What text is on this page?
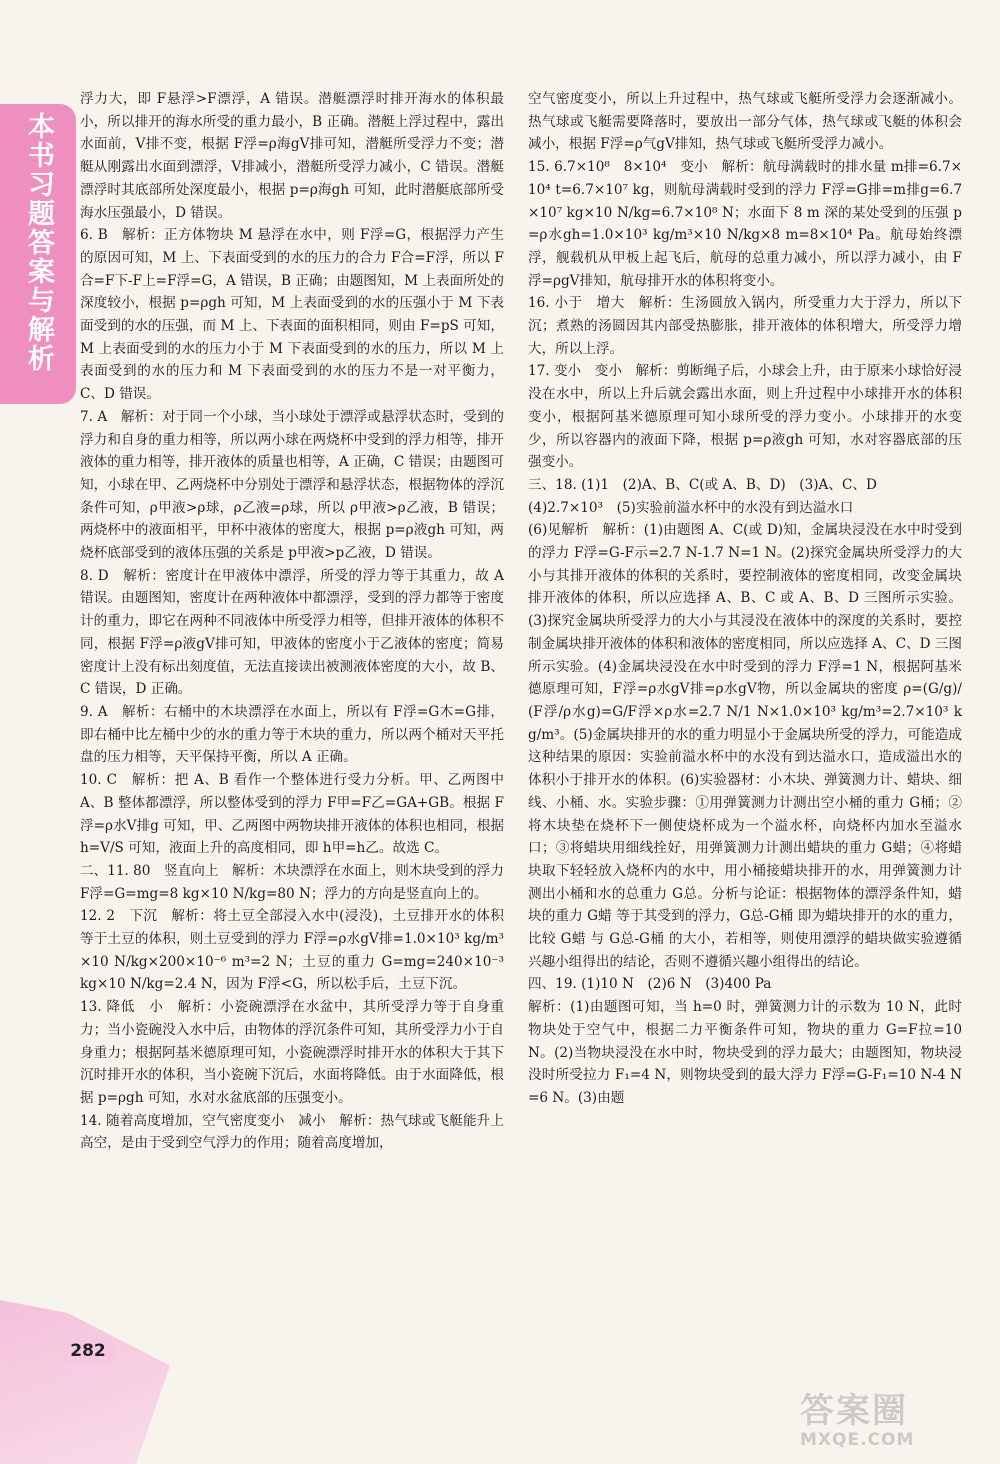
本书习题答案与解析

浮力大，即 F悬浮>F漂浮，A 错误。潜艇漂浮时排开海水的体积最小，所以排开的海水所受的重力最小，B 正确。潜艇上浮过程中，露出水面前，V排不变，根据 F浮=ρ海gV排可知，潜艇所受浮力不变；潜艇从刚露出水面到漂浮，V排减小，潜艇所受浮力减小，C 错误。潜艇漂浮时其底部所处深度最小，根据 p=ρ海gh 可知，此时潜艇底部所受海水压强最小，D 错误。

6. B　解析：正方体物块 M 悬浮在水中，则 F浮=G，根据浮力产生的原因可知，M 上、下表面受到的水的压力的合力 F合=F浮，所以 F合=F下-F上=F浮=G，A 错误，B 正确；由题图知，M 上表面所处的深度较小，根据 p=ρgh 可知，M 上表面受到的水的压强小于 M 下表面受到的水的压强，而 M 上、下表面的面积相同，则由 F=pS 可知，M 上表面受到的水的压力小于 M 下表面受到的水的压力，所以 M 上表面受到的水的压力和 M 下表面受到的水的压力不是一对平衡力，C、D 错误。

7. A　解析：对于同一个小球，当小球处于漂浮或悬浮状态时，受到的浮力和自身的重力相等，所以两小球在两烧杯中受到的浮力相等，排开液体的重力相等，排开液体的质量也相等，A 正确，C 错误；由题图可知，小球在甲、乙两烧杯中分别处于漂浮和悬浮状态，根据物体的浮沉条件可知，ρ甲液>ρ球，ρ乙液=ρ球，所以 ρ甲液>ρ乙液，B 错误；两烧杯中的液面相平，甲杯中液体的密度大，根据 p=ρ液gh 可知，两烧杯底部受到的液体压强的关系是 p甲液>p乙液，D 错误。

8. D　解析：密度计在甲液体中漂浮，所受的浮力等于其重力，故 A 错误。由题图知，密度计在两种液体中都漂浮，受到的浮力都等于密度计的重力，即它在两种不同液体中所受浮力相等，但排开液体的体积不同，根据 F浮=ρ液gV排可知，甲液体的密度小于乙液体的密度；简易密度计上没有标出刻度值，无法直接读出被测液体密度的大小，故 B、C 错误，D 正确。

9. A　解析：右桶中的木块漂浮在水面上，所以有 F浮=G木=G排，即右桶中比左桶中少的水的重力等于木块的重力，所以两个桶对天平托盘的压力相等，天平保持平衡，所以 A 正确。

10. C　解析：把 A、B 看作一个整体进行受力分析。甲、乙两图中 A、B 整体都漂浮，所以整体受到的浮力 F甲=F乙=GA+GB。根据 F浮=ρ水V排g 可知，甲、乙两图中两物块排开液体的体积也相同，根据 h=V/S 可知，液面上升的高度相同，即 h甲=h乙。故选 C。

二、11. 80　竖直向上　解析：木块漂浮在水面上，则木块受到的浮力 F浮=G=mg=8 kg×10 N/kg=80 N；浮力的方向是竖直向上的。

12. 2　下沉　解析：将土豆全部浸入水中(浸没)，土豆排开水的体积等于土豆的体积，则土豆受到的浮力 F浮=ρ水gV排=1.0×10³ kg/m³×10 N/kg×200×10⁻⁶ m³=2 N；土豆的重力 G=mg=240×10⁻³ kg×10 N/kg=2.4 N，因为 F浮<G，所以松手后，土豆下沉。

13. 降低　小　解析：小瓷碗漂浮在水盆中，其所受浮力等于自身重力；当小瓷碗没入水中后，由物体的浮沉条件可知，其所受浮力小于自身重力；根据阿基米德原理可知，小瓷碗漂浮时排开水的体积大于其下沉时排开水的体积，当小瓷碗下沉后，水面将降低。由于水面降低，根据 p=ρgh 可知，水对水盆底部的压强变小。

14. 随着高度增加，空气密度变小　减小　解析：热气球或飞艇能升上高空，是由于受到空气浮力的作用；随着高度增加，

空气密度变小，所以上升过程中，热气球或飞艇所受浮力会逐渐减小。热气球或飞艇需要降落时，要放出一部分气体，热气球或飞艇的体积会减小，根据 F浮=ρ气gV排知，热气球或飞艇所受浮力减小。

15. 6.7×10⁸　8×10⁴　变小　解析：航母满载时的排水量 m排=6.7×10⁴ t=6.7×10⁷ kg，则航母满载时受到的浮力 F浮=G排=m排g=6.7×10⁷ kg×10 N/kg=6.7×10⁸ N；水面下 8 m 深的某处受到的压强 p=ρ水gh=1.0×10³ kg/m³×10 N/kg×8 m=8×10⁴ Pa。航母始终漂浮，舰载机从甲板上起飞后，航母的总重力减小，所以浮力减小，由 F浮=ρgV排知，航母排开水的体积将变小。

16. 小于　增大　解析：生汤圆放入锅内，所受重力大于浮力，所以下沉；煮熟的汤圆因其内部受热膨胀，排开液体的体积增大，所受浮力增大，所以上浮。

17. 变小　变小　解析：剪断绳子后，小球会上升，由于原来小球恰好浸没在水中，所以上升后就会露出水面，则上升过程中小球排开水的体积变小，根据阿基米德原理可知小球所受的浮力变小。小球排开的水变少，所以容器内的液面下降，根据 p=ρ液gh 可知，水对容器底部的压强变小。

三、18. (1)1　(2)A、B、C(或 A、B、D)　(3)A、C、D

(4)2.7×10³　(5)实验前溢水杯中的水没有到达溢水口

(6)见解析　解析：(1)由题图 A、C(或 D)知，金属块浸没在水中时受到的浮力 F浮=G-F示=2.7 N-1.7 N=1 N。(2)探究金属块所受浮力的大小与其排开液体的体积的关系时，要控制液体的密度相同，改变金属块排开液体的体积，所以应选择 A、B、C 或 A、B、D 三图所示实验。(3)探究金属块所受浮力的大小与其浸没在液体中的深度的关系时，要控制金属块排开液体的体积和液体的密度相同，所以应选择 A、C、D 三图所示实验。(4)金属块浸没在水中时受到的浮力 F浮=1 N，根据阿基米德原理可知，F浮=ρ水gV排=ρ水gV物，所以金属块的密度 ρ=(G/g)/(F浮/ρ水g)=G/F浮×ρ水=2.7 N/1 N×1.0×10³ kg/m³=2.7×10³ kg/m³。(5)金属块排开的水的重力明显小于金属块所受的浮力，可能造成这种结果的原因：实验前溢水杯中的水没有到达溢水口，造成溢出水的体积小于排开水的体积。(6)实验器材：小木块、弹簧测力计、蜡块、细线、小桶、水。实验步骤：①用弹簧测力计测出空小桶的重力 G桶；②将木块垫在烧杯下一侧使烧杯成为一个溢水杯，向烧杯内加水至溢水口；③将蜡块用细线拴好，用弹簧测力计测出蜡块的重力 G蜡；④将蜡块取下轻轻放入烧杯内的水中，用小桶接蜡块排开的水，用弹簧测力计测出小桶和水的总重力 G总。分析与论证：根据物体的漂浮条件知，蜡块的重力 G蜡 等于其受到的浮力，G总-G桶 即为蜡块排开的水的重力，比较 G蜡 与 G总-G桶 的大小，若相等，则使用漂浮的蜡块做实验遵循兴趣小组得出的结论，否则不遵循兴趣小组得出的结论。

四、19. (1)10 N　(2)6 N　(3)400 Pa

解析：(1)由题图可知，当 h=0 时，弹簧测力计的示数为 10 N，此时物块处于空气中，根据二力平衡条件可知，物块的重力 G=F拉=10 N。(2)当物块浸没在水中时，物块受到的浮力最大；由题图知，物块浸没时所受拉力 F₁=4 N，则物块受到的最大浮力 F浮=G-F₁=10 N-4 N=6 N。(3)由题

282
答案圈
MXQE.COM
